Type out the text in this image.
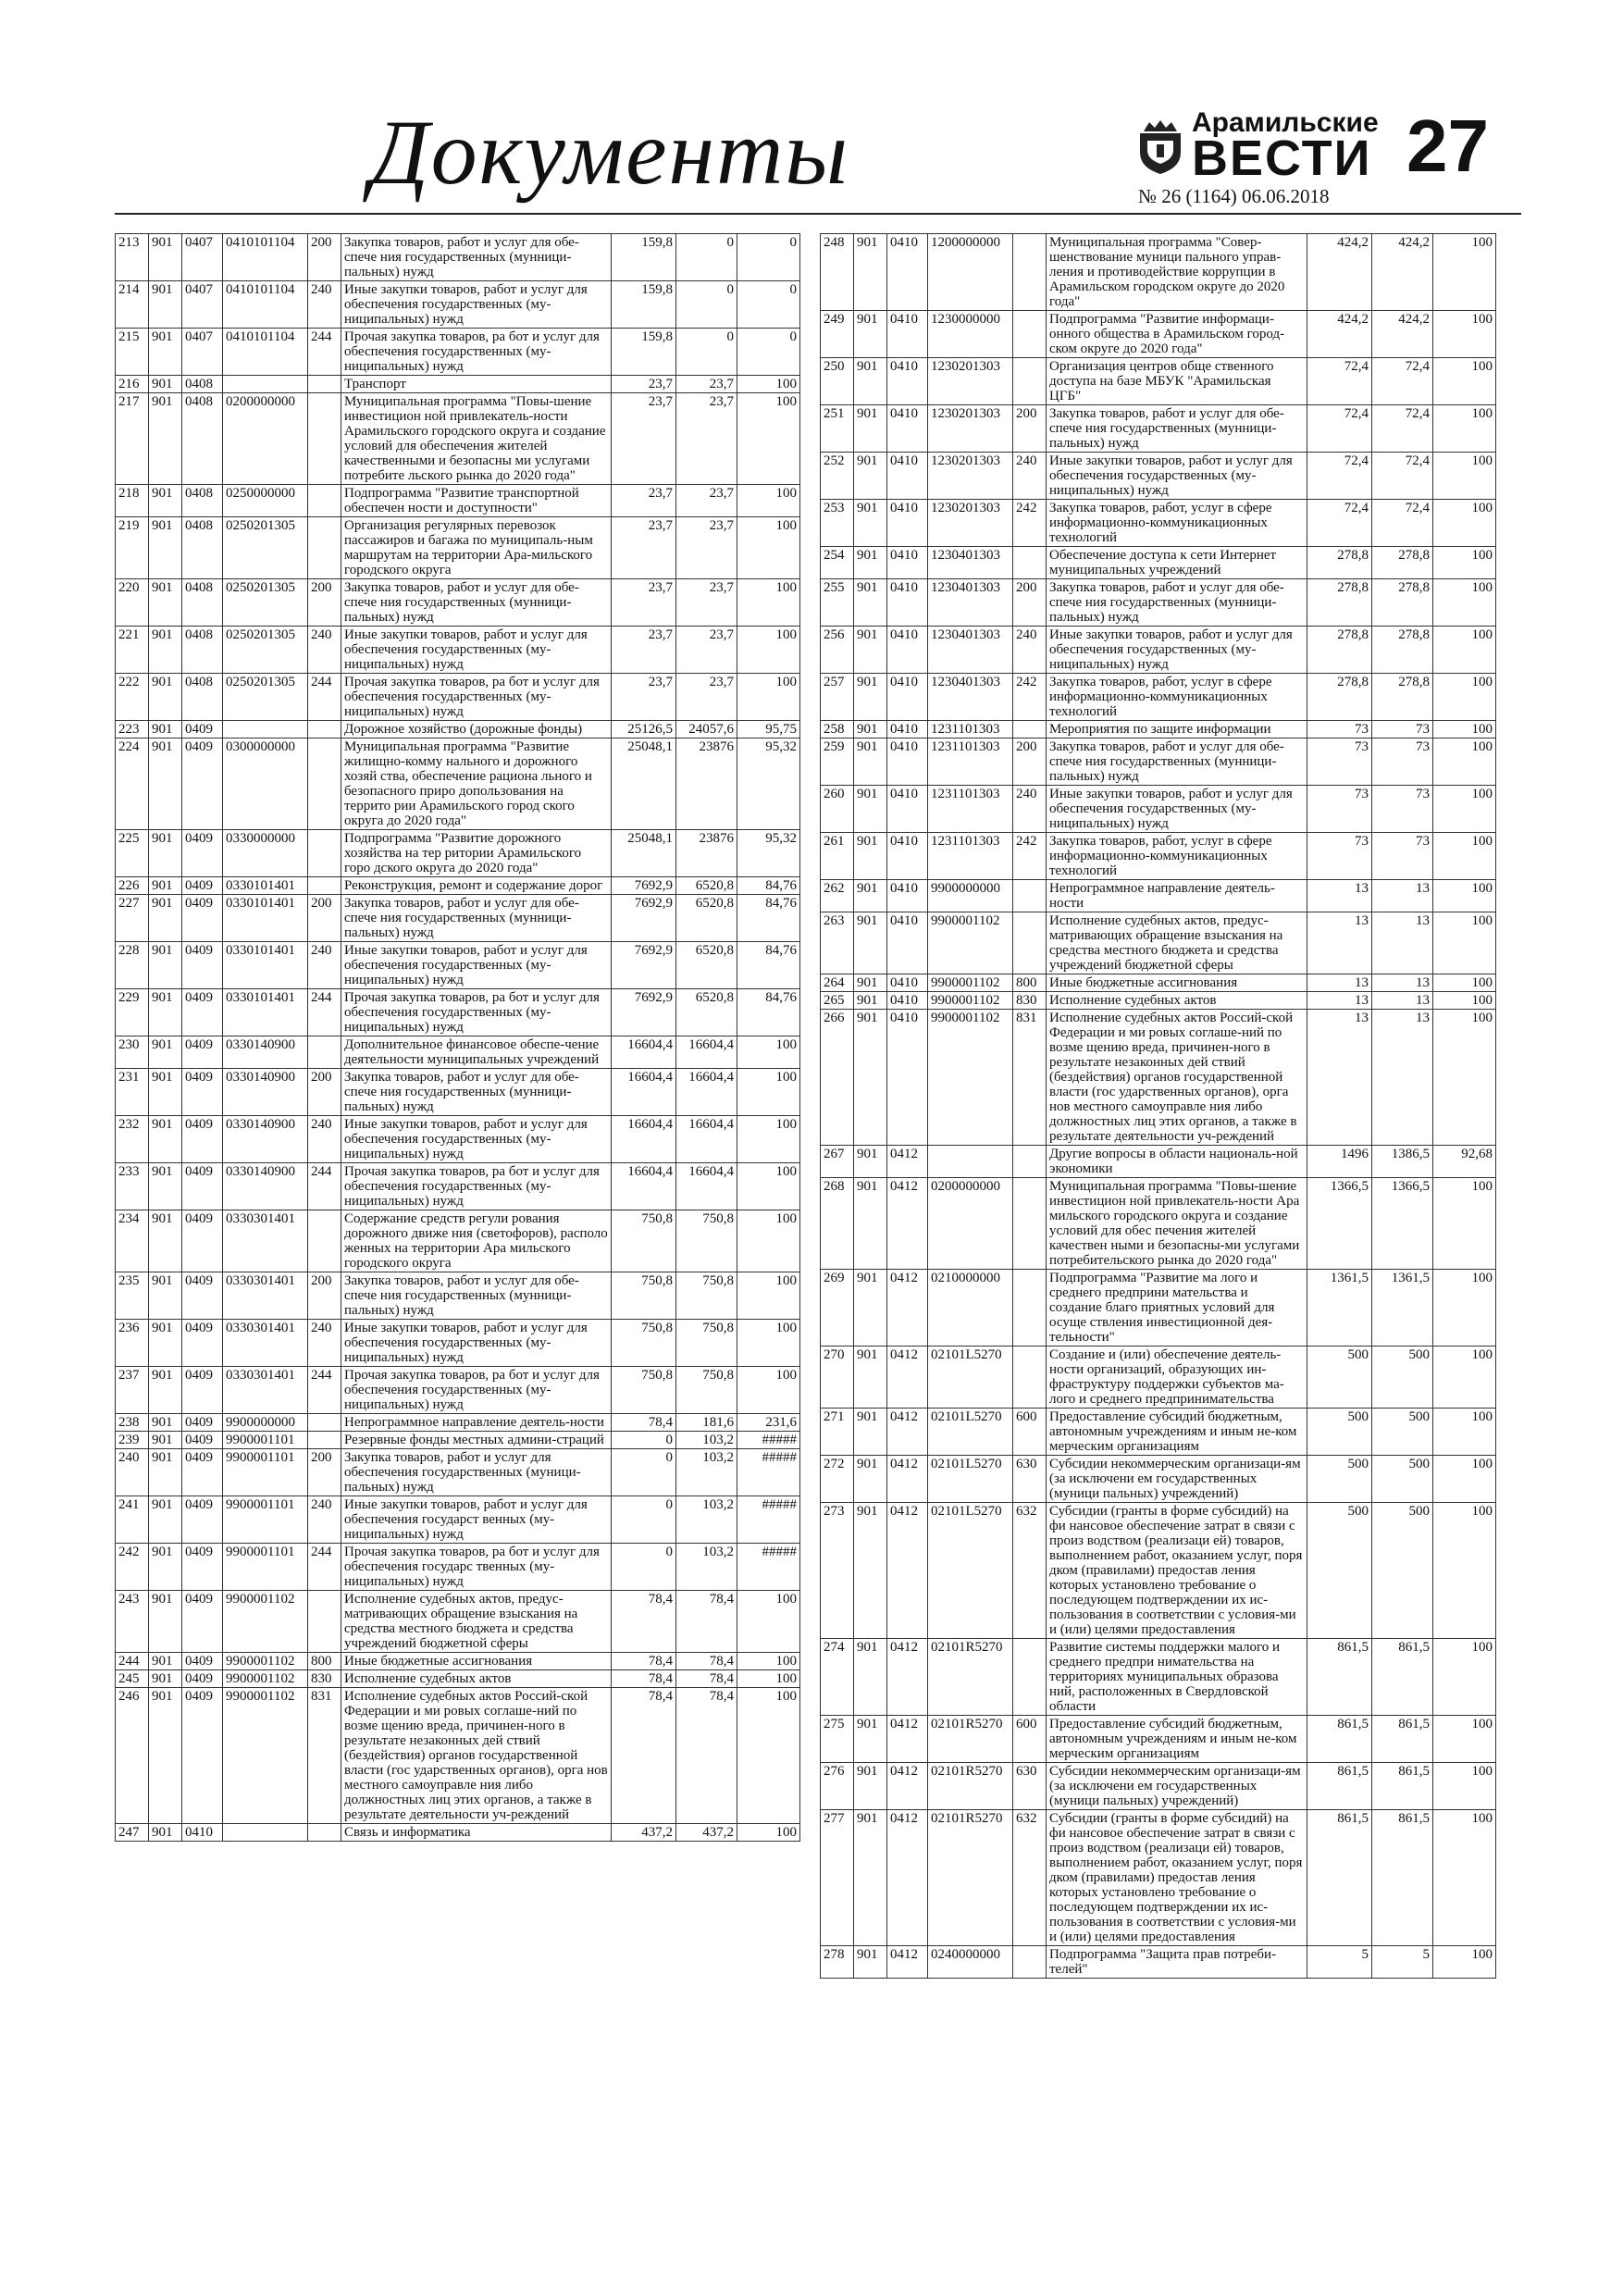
Документы	Арамильские
ВЕСТИ 27
№ 26 (1164) 06.06.2018
213	901	0407	0410101104	200	Закупка товаров, работ и услуг для обе-спече ния государственных (мунници-пальных) нужд	159,8	0	0
214	901	0407	0410101104	240	Иные закупки товаров, работ и услуг для обеспечения государственных (му-ниципальных) нужд	159,8	0	0
215	901	0407	0410101104	244	Прочая закупка товаров, ра бот и услуг для обеспечения государственных (му-ниципальных) нужд	159,8	0	0
216	901	0408			Транспорт	23,7	23,7	100
217	901	0408	0200000000		Муниципальная программа "Повы-шение инвестицион ной привлекатель-ности Арамильского городского округа и создание условий для обеспечения жителей качественными и безопасны ми услугами потребите льского рынка до 2020 года"	23,7	23,7	100
218	901	0408	0250000000		Подпрограмма "Развитие транспортной обеспечен ности и доступности"	23,7	23,7	100
219	901	0408	0250201305		Организация регулярных перевозок пассажиров и багажа по муниципаль-ным маршрутам на территории Ара-мильского городского округа	23,7	23,7	100
220	901	0408	0250201305	200	Закупка товаров, работ и услуг для обе-спече ния государственных (мунници-пальных) нужд	23,7	23,7	100
221	901	0408	0250201305	240	Иные закупки товаров, работ и услуг для обеспечения государственных (му-ниципальных) нужд	23,7	23,7	100
222	901	0408	0250201305	244	Прочая закупка товаров, ра бот и услуг для обеспечения государственных (му-ниципальных) нужд	23,7	23,7	100
223	901	0409			Дорожное хозяйство (дорожные фонды)	25126,5	24057,6	95,75
224	901	0409	0300000000		Муниципальная программа "Развитие жилищно-комму нального и дорожного хозяй ства, обеспечение рациона льного и безопасного приро допользования на террито рии Арамильского город ского округа до 2020 года"	25048,1	23876	95,32
225	901	0409	0330000000		Подпрограмма "Развитие дорожного хозяйства на тер ритории Арамильского горо дского округа до 2020 года"	25048,1	23876	95,32
226	901	0409	0330101401		Реконструкция, ремонт и содержание дорог	7692,9	6520,8	84,76
227	901	0409	0330101401	200	Закупка товаров, работ и услуг для обе-спече ния государственных (мунници-пальных) нужд	7692,9	6520,8	84,76
228	901	0409	0330101401	240	Иные закупки товаров, работ и услуг для обеспечения государственных (му-ниципальных) нужд	7692,9	6520,8	84,76
229	901	0409	0330101401	244	Прочая закупка товаров, ра бот и услуг для обеспечения государственных (му-ниципальных) нужд	7692,9	6520,8	84,76
230	901	0409	0330140900		Дополнительное финансовое обеспе-чение деятельности муниципальных учреждений	16604,4	16604,4	100
231	901	0409	0330140900	200	Закупка товаров, работ и услуг для обе-спече ния государственных (мунници-пальных) нужд	16604,4	16604,4	100
232	901	0409	0330140900	240	Иные закупки товаров, работ и услуг для обеспечения государственных (му-ниципальных) нужд	16604,4	16604,4	100
233	901	0409	0330140900	244	Прочая закупка товаров, ра бот и услуг для обеспечения государственных (му-ниципальных) нужд	16604,4	16604,4	100
234	901	0409	0330301401		Содержание средств регули рования дорожного движе ния (светофоров), располо женных на территории Ара мильского городского округа	750,8	750,8	100
235	901	0409	0330301401	200	Закупка товаров, работ и услуг для обе-спече ния государственных (мунници-пальных) нужд	750,8	750,8	100
236	901	0409	0330301401	240	Иные закупки товаров, работ и услуг для обеспечения государственных (му-ниципальных) нужд	750,8	750,8	100
237	901	0409	0330301401	244	Прочая закупка товаров, ра бот и услуг для обеспечения государственных (му-ниципальных) нужд	750,8	750,8	100
238	901	0409	9900000000		Непрограммное направление деятель-ности	78,4	181,6	231,6
239	901	0409	9900001101		Резервные фонды местных админи-страций	0	103,2	#####
240	901	0409	9900001101	200	Закупка товаров, работ и услуг для обеспечения государственных (муници-пальных) нужд	0	103,2	#####
241	901	0409	9900001101	240	Иные закупки товаров, работ и услуг для обеспечения государст венных (му-ниципальных) нужд	0	103,2	#####
242	901	0409	9900001101	244	Прочая закупка товаров, ра бот и услуг для обеспечения государс твенных (му-ниципальных) нужд	0	103,2	#####
243	901	0409	9900001102		Исполнение судебных актов, предус-матривающих обращение взыскания на средства местного бюджета и средства учреждений бюджетной сферы	78,4	78,4	100
244	901	0409	9900001102	800	Иные бюджетные ассигнования	78,4	78,4	100
245	901	0409	9900001102	830	Исполнение судебных актов	78,4	78,4	100
246	901	0409	9900001102	831	Исполнение судебных актов Россий-ской Федерации и ми ровых соглаше-ний по возме щению вреда, причинен-ного в результате незаконных дей ствий (бездействия) органов государственной власти (гос ударственных органов), орга нов местного самоуправле ния либо должностных лиц этих органов, а также в результате деятельности уч-реждений	78,4	78,4	100
247	901	0410			Связь и информатика	437,2	437,2	100
248	901	0410	1200000000		Муниципальная программа "Совер-шенствование муници пального управ-ления и противодействие коррупции в Арамильском городском округе до 2020 года"	424,2	424,2	100
249	901	0410	1230000000		Подпрограмма "Развитие информаци-онного общества в Арамильском город-ском округе до 2020 года"	424,2	424,2	100
250	901	0410	1230201303		Организация центров обще ственного доступа на базе МБУК "Арамильская ЦГБ"	72,4	72,4	100
251	901	0410	1230201303	200	Закупка товаров, работ и услуг для обе-спече ния государственных (мунници-пальных) нужд	72,4	72,4	100
252	901	0410	1230201303	240	Иные закупки товаров, работ и услуг для обеспечения государственных (му-ниципальных) нужд	72,4	72,4	100
253	901	0410	1230201303	242	Закупка товаров, работ, услуг в сфере информационно-коммуникационных технологий	72,4	72,4	100
254	901	0410	1230401303		Обеспечение доступа к сети Интернет муниципальных учреждений	278,8	278,8	100
255	901	0410	1230401303	200	Закупка товаров, работ и услуг для обе-спече ния государственных (мунници-пальных) нужд	278,8	278,8	100
256	901	0410	1230401303	240	Иные закупки товаров, работ и услуг для обеспечения государственных (му-ниципальных) нужд	278,8	278,8	100
257	901	0410	1230401303	242	Закупка товаров, работ, услуг в сфере информационно-коммуникационных технологий	278,8	278,8	100
258	901	0410	1231101303		Мероприятия по защите информации	73	73	100
259	901	0410	1231101303	200	Закупка товаров, работ и услуг для обе-спече ния государственных (мунници-пальных) нужд	73	73	100
260	901	0410	1231101303	240	Иные закупки товаров, работ и услуг для обеспечения государственных (му-ниципальных) нужд	73	73	100
261	901	0410	1231101303	242	Закупка товаров, работ, услуг в сфере информационно-коммуникационных технологий	73	73	100
262	901	0410	9900000000		Непрограммное направление деятель-ности	13	13	100
263	901	0410	9900001102		Исполнение судебных актов, предус-матривающих обращение взыскания на средства местного бюджета и средства учреждений бюджетной сферы	13	13	100
264	901	0410	9900001102	800	Иные бюджетные ассигнования	13	13	100
265	901	0410	9900001102	830	Исполнение судебных актов	13	13	100
266	901	0410	9900001102	831	Исполнение судебных актов Россий-ской Федерации и ми ровых соглаше-ний по возме щению вреда, причинен-ного в результате незаконных дей ствий (бездействия) органов государственной власти (гос ударственных органов), орга нов местного самоуправле ния либо должностных лиц этих органов, а также в результате деятельности уч-реждений	13	13	100
267	901	0412			Другие вопросы в области националь-ной экономики	1496	1386,5	92,68
268	901	0412	0200000000		Муниципальная программа "Повы-шение инвестицион ной привлекатель-ности Ара мильского городского округа и создание условий для обес печения жителей качествен ными и безопасны-ми услугами потребительского рынка до 2020 года"	1366,5	1366,5	100
269	901	0412	0210000000		Подпрограмма "Развитие ма лого и среднего предприни мательства и создание благо приятных условий для осуще ствления инвестиционной дея-тельности"	1361,5	1361,5	100
270	901	0412	02101L5270		Создание и (или) обеспечение деятель-ности организаций, образующих ин-фраструктуру поддержки субъектов ма-лого и среднего предпринимательства	500	500	100
271	901	0412	02101L5270	600	Предоставление субсидий бюджетным, автономным учреждениям и иным не-ком мерческим организациям	500	500	100
272	901	0412	02101L5270	630	Субсидии некоммерческим организаци-ям (за исключени ем государственных (муници пальных) учреждений)	500	500	100
273	901	0412	02101L5270	632	Субсидии (гранты в форме субсидий) на фи нансовое обеспечение затрат в связи с произ водством (реализаци ей) товаров, выполнением работ, оказанием услуг, поря дком (правилами) предостав ления которых установлено требование о последующем подтверждении их ис-пользования в соответствии с условия-ми и (или) целями предоставления	500	500	100
274	901	0412	02101R5270		Развитие системы поддержки малого и среднего предпри нимательства на территориях муниципальных образова ний, расположенных в Свердловской области	861,5	861,5	100
275	901	0412	02101R5270	600	Предоставление субсидий бюджетным, автономным учреждениям и иным не-ком мерческим организациям	861,5	861,5	100
276	901	0412	02101R5270	630	Субсидии некоммерческим организаци-ям (за исключени ем государственных (муници пальных) учреждений)	861,5	861,5	100
277	901	0412	02101R5270	632	Субсидии (гранты в форме субсидий) на фи нансовое обеспечение затрат в связи с произ водством (реализаци ей) товаров, выполнением работ, оказанием услуг, поря дком (правилами) предостав ления которых установлено требование о последующем подтверждении их ис-пользования в соответствии с условия-ми и (или) целями предоставления	861,5	861,5	100
278	901	0412	0240000000		Подпрограмма "Защита прав потреби-телей"	5	5	100
